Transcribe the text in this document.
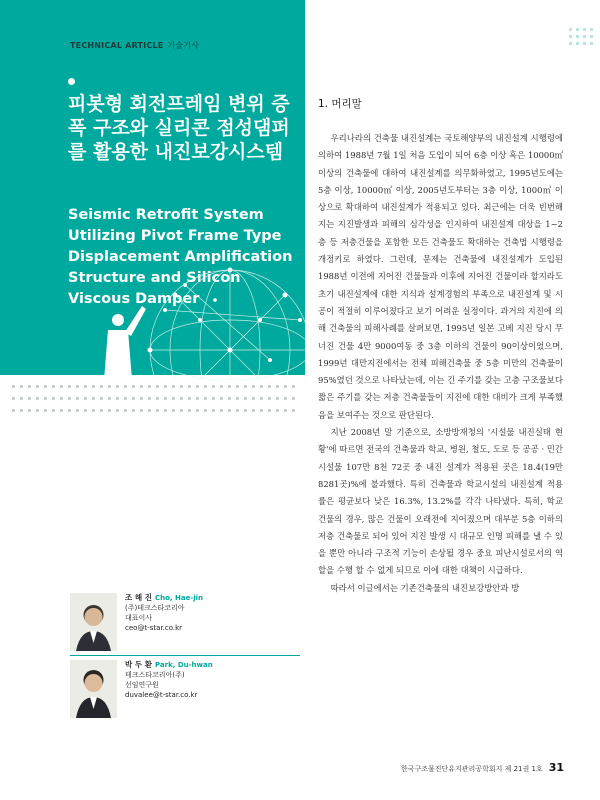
TECHNICAL ARTICLE 기술기사
피봇형 회전프레임 변위 증폭 구조와 실리콘 점성댐퍼를 활용한 내진보강시스템
Seismic Retrofit System Utilizing Pivot Frame Type Displacement Amplification Structure and Silicon Viscous Damper
조 해 진 Cho, Hae-jin
(주)테크스타코리아
대표이사
ceo@t-star.co.kr
박 두 환 Park, Du-hwan
테크스타코리아(주)
선임연구원
duvalee@t-star.co.kr
1. 머리말

우리나라의 건축물 내진설계는 국토해양부의 내진설계 시행령에 의하여 1988년 7월 1일 처음 도입이 되어 6층 이상 혹은 10000㎡ 이상의 건축물에 대하여 내진설계를 의무화하였고, 1995년도에는 5층 이상, 10000㎡ 이상, 2005년도부터는 3층 이상, 1000㎡ 이상으로 확대하여 내진설계가 적용되고 있다. 최근에는 더욱 빈번해지는 지진발생과 피해의 심각성을 인지하여 내진설계 대상을 1~2층 등 저층건물을 포함한 모든 건축물도 확대하는 건축법 시행령을 개정키로 하였다. 그런데, 문제는 건축물에 내진설계가 도입된 1988년 이전에 지어진 건물들과 이후에 지어진 건물이라 할지라도 초기 내진설계에 대한 지식과 설계경험의 부족으로 내진설계 및 시공이 적절히 이루어졌다고 보기 어려운 실정이다. 과거의 지진에 의해 건축물의 피해사례를 살펴보면, 1995년 일본 고베 지진 당시 무너진 건물 4만 9000여동 중 3층 이하의 건물이 90이상이었으며, 1999년 대만지진에서는 전체 피해건축물 중 5층 미만의 건축물이 95%였던 것으로 나타났는데, 이는 긴 주기를 갖는 고층 구조물보다 짧은 주기를 갖는 저층 건축물들이 지진에 대한 대비가 크게 부족했음을 보여주는 것으로 판단된다.

지난 2008년 말 기준으로, 소방방재청의 '시설물 내진실태 현황'에 따르면 전국의 건축물과 학교, 병원, 철도, 도로 등 공공 · 민간 시설물 107만 8천 72곳 중 내진 설계가 적용된 곳은 18.4(19만 8281곳)%에 불과했다. 특히 건축물과 학교시설의 내진설계 적용률은 평균보다 낮은 16.3%, 13.2%를 각각 나타냈다. 특히, 학교 건물의 경우, 많은 건물이 오래전에 지어졌으며 대부분 5층 이하의 저층 건축물로 되어 있어 지진 발생 시 대규모 인명 피해를 낼 수 있을 뿐만 아니라 구조적 기능이 손상될 경우 중요 피난시설로서의 역할을 수행 할 수 없게 되므로 이에 대한 대책이 시급하다.

따라서 이글에서는 기존건축물의 내진보강방안과 방

한국구조물진단유지관리공학회지 제 21권 1호 31
